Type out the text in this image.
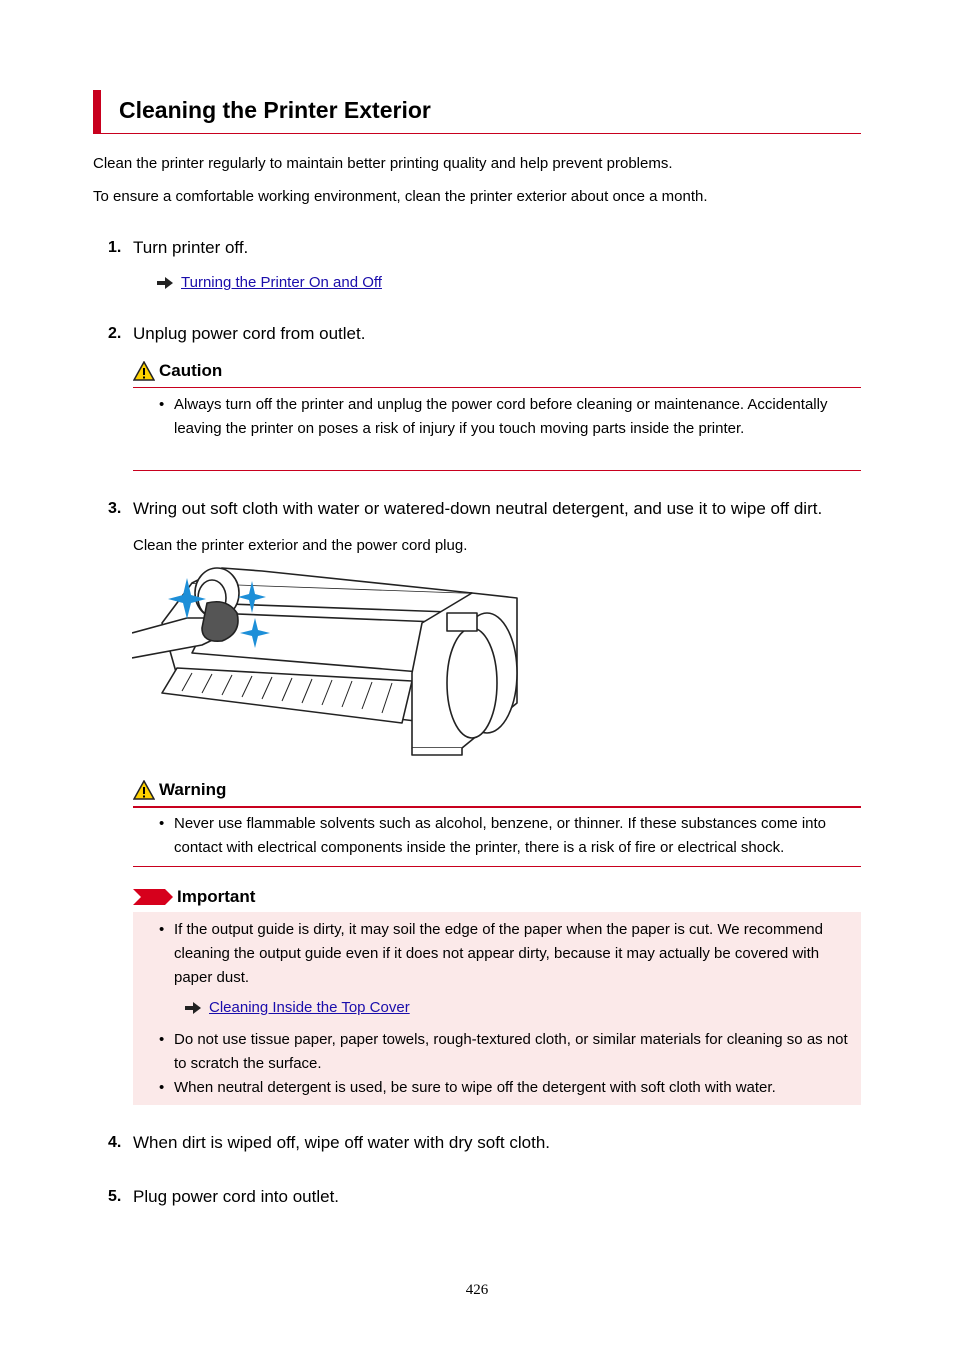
Cleaning the Printer Exterior
Clean the printer regularly to maintain better printing quality and help prevent problems.
To ensure a comfortable working environment, clean the printer exterior about once a month.
1. Turn printer off.
Turning the Printer On and Off
2. Unplug power cord from outlet.
Caution
• Always turn off the printer and unplug the power cord before cleaning or maintenance. Accidentally leaving the printer on poses a risk of injury if you touch moving parts inside the printer.
3. Wring out soft cloth with water or watered-down neutral detergent, and use it to wipe off dirt.
Clean the printer exterior and the power cord plug.
Warning
• Never use flammable solvents such as alcohol, benzene, or thinner. If these substances come into contact with electrical components inside the printer, there is a risk of fire or electrical shock.
Important
• If the output guide is dirty, it may soil the edge of the paper when the paper is cut. We recommend cleaning the output guide even if it does not appear dirty, because it may actually be covered with paper dust.
Cleaning Inside the Top Cover
• Do not use tissue paper, paper towels, rough-textured cloth, or similar materials for cleaning so as not to scratch the surface.
• When neutral detergent is used, be sure to wipe off the detergent with soft cloth with water.
4. When dirt is wiped off, wipe off water with dry soft cloth.
5. Plug power cord into outlet.
426
